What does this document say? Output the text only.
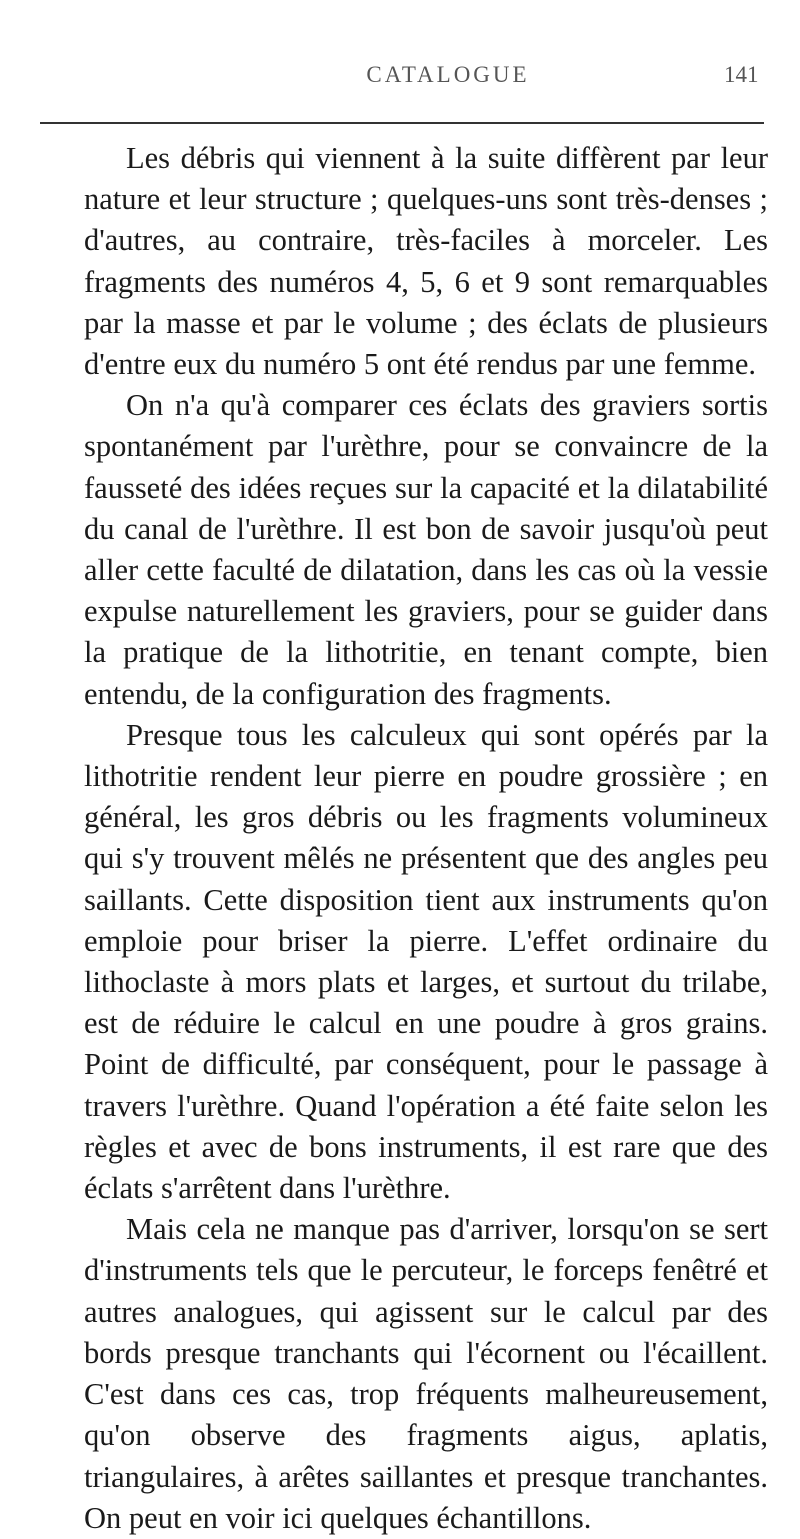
CATALOGUE	141

Les débris qui viennent à la suite diffèrent par leur nature et leur structure ; quelques-uns sont très-denses ; d'autres, au contraire, très-faciles à morceler. Les fragments des numéros 4, 5, 6 et 9 sont remarquables par la masse et par le volume ; des éclats de plusieurs d'entre eux du numéro 5 ont été rendus par une femme.

On n'a qu'à comparer ces éclats des graviers sortis spontanément par l'urèthre, pour se convaincre de la fausseté des idées reçues sur la capacité et la dilatabilité du canal de l'urèthre. Il est bon de savoir jusqu'où peut aller cette faculté de dilatation, dans les cas où la vessie expulse naturellement les graviers, pour se guider dans la pratique de la lithotritie, en tenant compte, bien entendu, de la configuration des fragments.

Presque tous les calculeux qui sont opérés par la lithotritie rendent leur pierre en poudre grossière ; en général, les gros débris ou les fragments volumineux qui s'y trouvent mêlés ne présentent que des angles peu saillants. Cette disposition tient aux instruments qu'on emploie pour briser la pierre. L'effet ordinaire du lithoclaste à mors plats et larges, et surtout du trilabe, est de réduire le calcul en une poudre à gros grains. Point de difficulté, par conséquent, pour le passage à travers l'urèthre. Quand l'opération a été faite selon les règles et avec de bons instruments, il est rare que des éclats s'arrêtent dans l'urèthre.

Mais cela ne manque pas d'arriver, lorsqu'on se sert d'instruments tels que le percuteur, le forceps fenêtré et autres analogues, qui agissent sur le calcul par des bords presque tranchants qui l'écornent ou l'écaillent. C'est dans ces cas, trop fréquents malheureusement, qu'on observe des fragments aigus, aplatis, triangulaires, à arêtes saillantes et presque tranchantes. On peut en voir ici quelques échantillons.
